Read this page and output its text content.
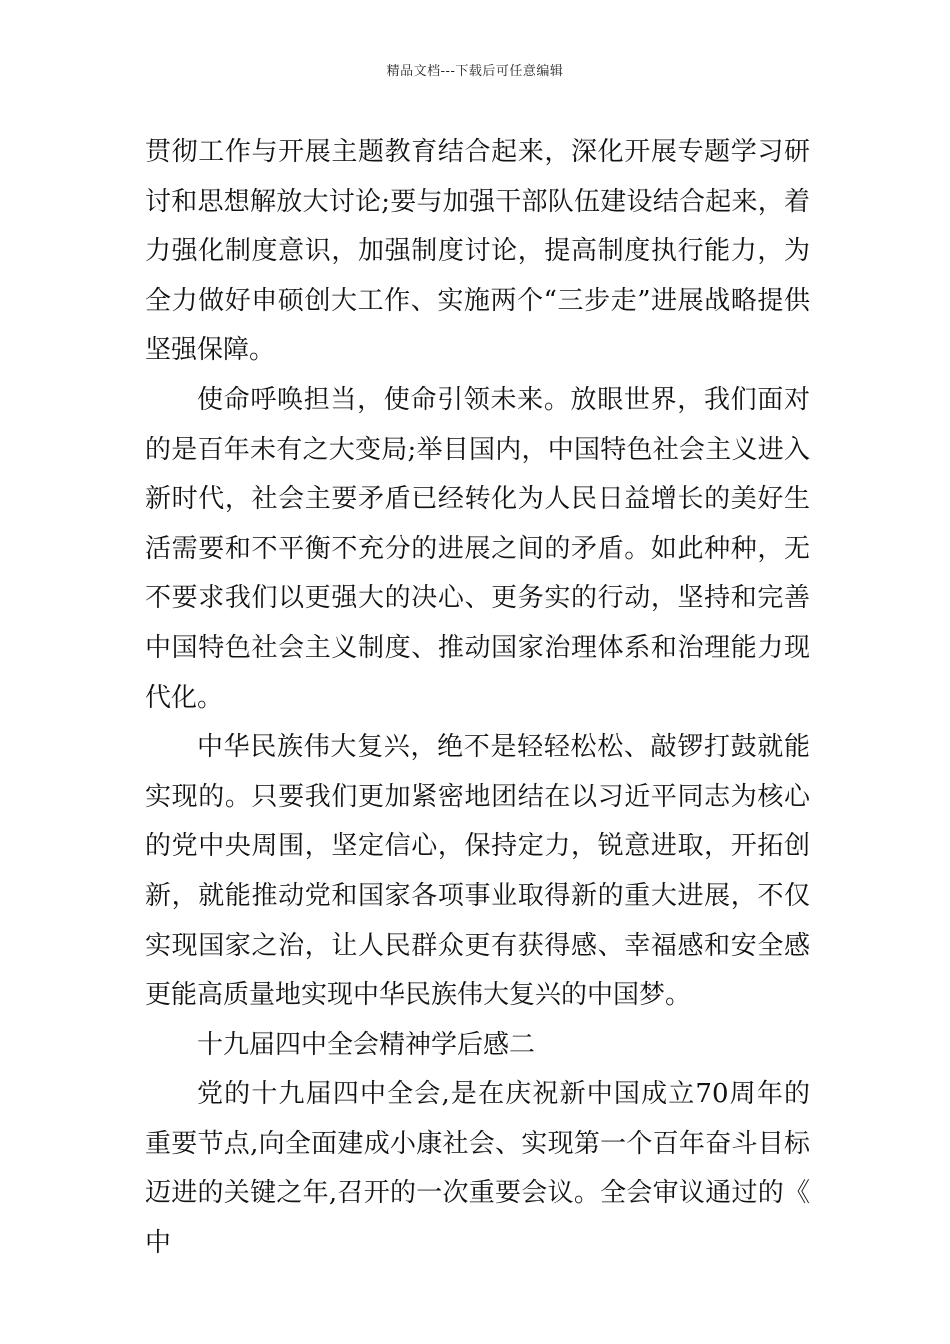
精品文档---下载后可任意编辑

贯彻工作与开展主题教育结合起来，深化开展专题学习研讨和思想解放大讨论;要与加强干部队伍建设结合起来，着力强化制度意识，加强制度讨论，提高制度执行能力，为全力做好申硕创大工作、实施两个“三步走”进展战略提供坚强保障。

使命呼唤担当，使命引领未来。放眼世界，我们面对的是百年未有之大变局;举目国内，中国特色社会主义进入新时代，社会主要矛盾已经转化为人民日益增长的美好生活需要和不平衡不充分的进展之间的矛盾。如此种种，无不要求我们以更强大的决心、更务实的行动，坚持和完善中国特色社会主义制度、推动国家治理体系和治理能力现代化。

中华民族伟大复兴，绝不是轻轻松松、敲锣打鼓就能实现的。只要我们更加紧密地团结在以习近平同志为核心的党中央周围，坚定信心，保持定力，锐意进取，开拓创新，就能推动党和国家各项事业取得新的重大进展，不仅实现国家之治，让人民群众更有获得感、幸福感和安全感更能高质量地实现中华民族伟大复兴的中国梦。

十九届四中全会精神学后感二

党的十九届四中全会,是在庆祝新中国成立70周年的重要节点,向全面建成小康社会、实现第一个百年奋斗目标迈进的关键之年,召开的一次重要会议。全会审议通过的《中
